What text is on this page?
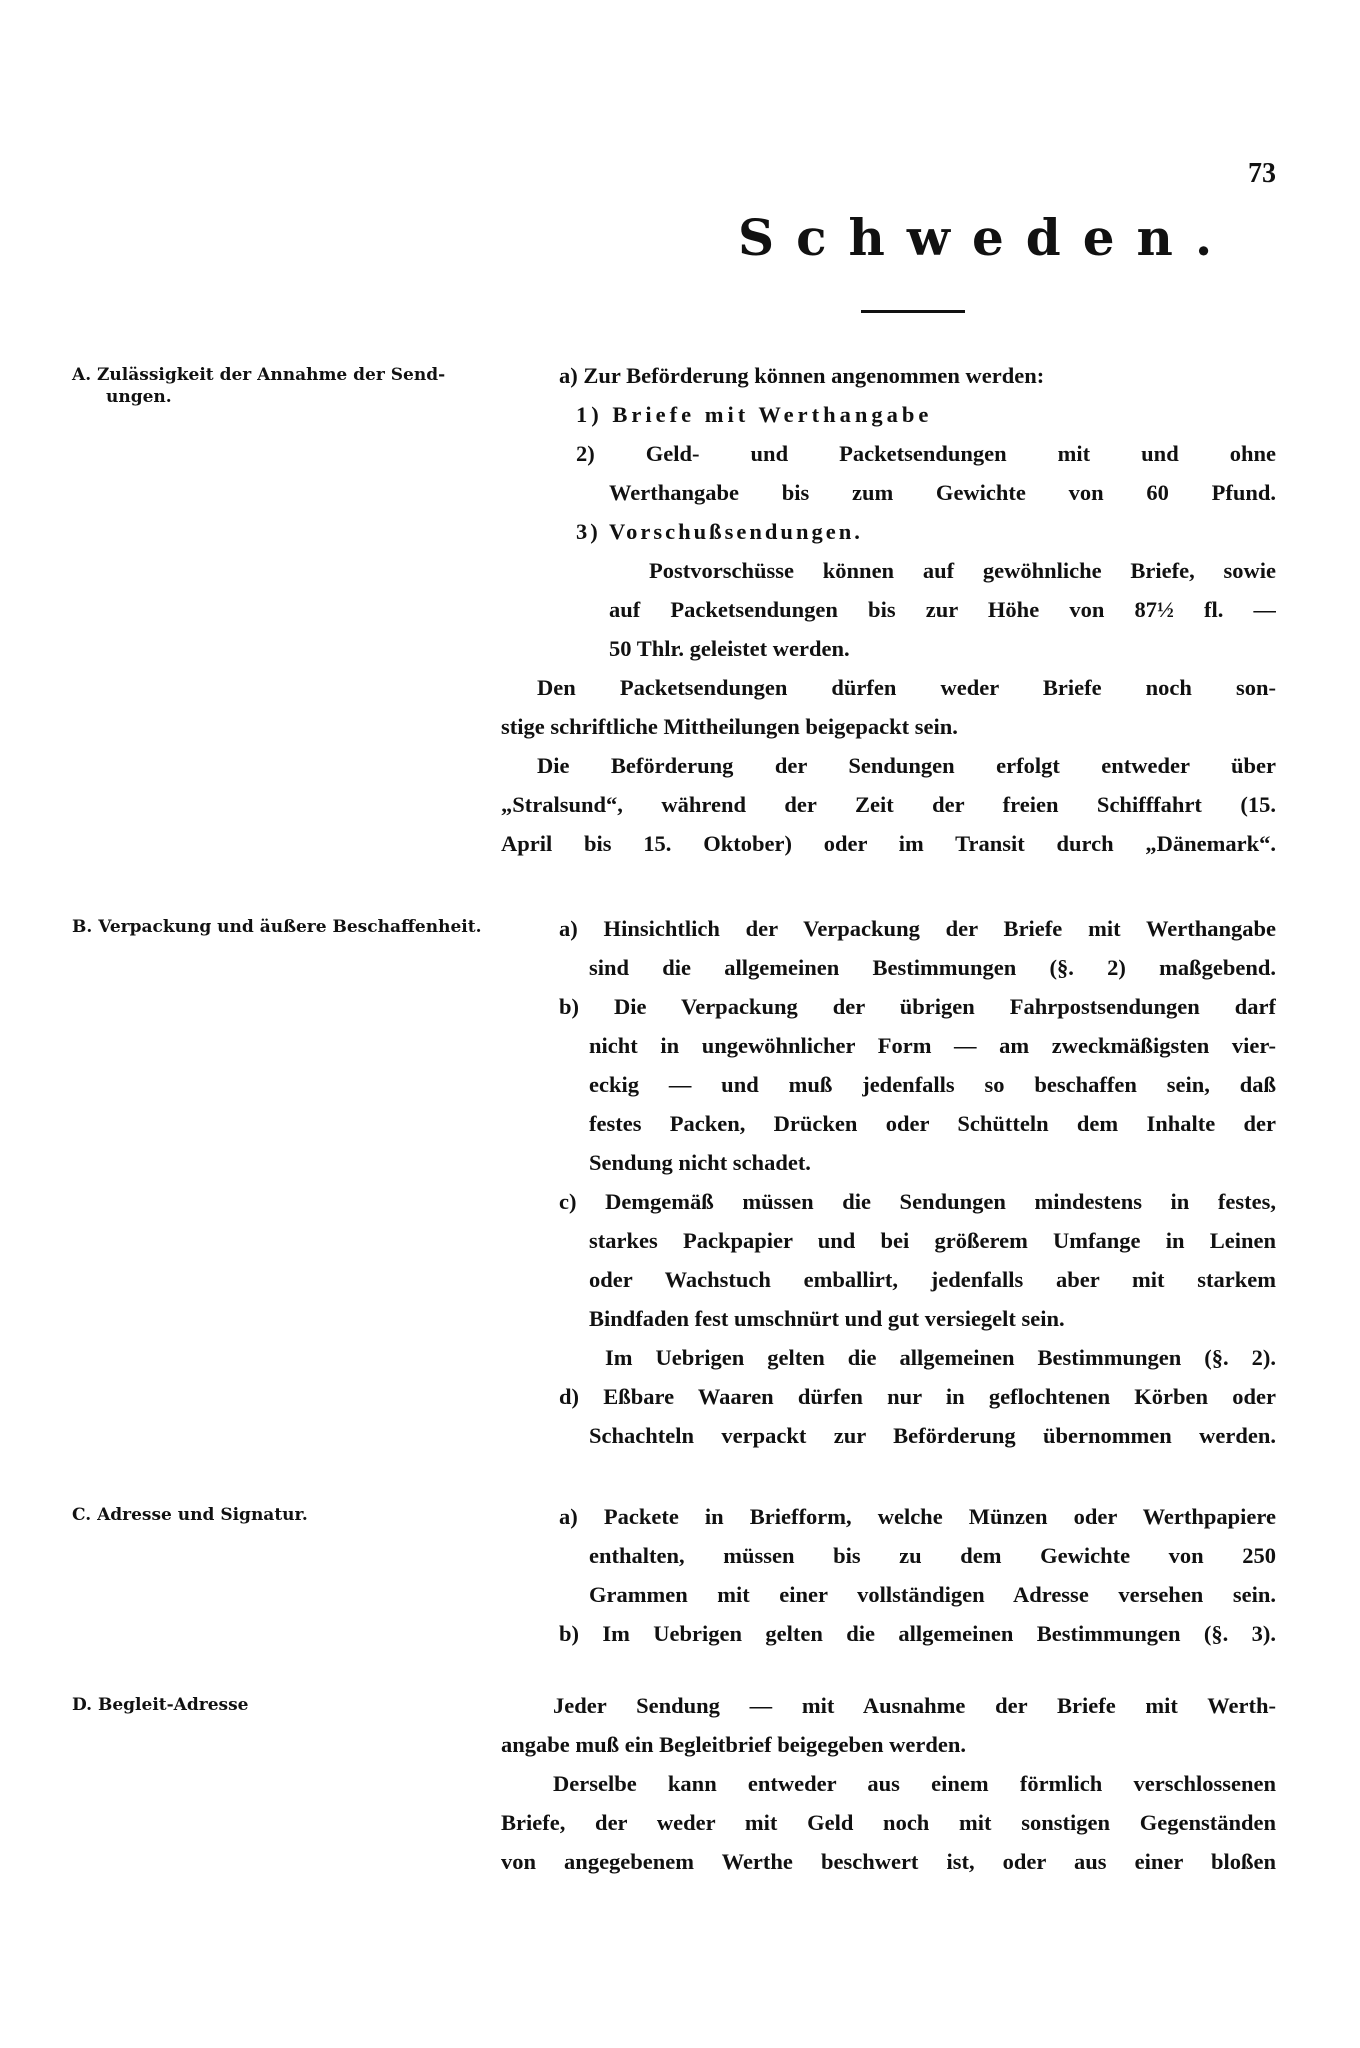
73
Schweden.
A. Zulässigkeit der Annahme der Send-
ungen.
a) Zur Beförderung können angenommen werden:
1) Briefe mit Werthangabe
2) Geld- und Packetsendungen mit und ohne
Werthangabe bis zum Gewichte von 60 Pfund.
3) Vorschußsendungen.
Postvorschüsse können auf gewöhnliche Briefe, sowie
auf Packetsendungen bis zur Höhe von 87½ fl. —
50 Thlr. geleistet werden.
Den Packetsendungen dürfen weder Briefe noch son-
stige schriftliche Mittheilungen beigepackt sein.
Die Beförderung der Sendungen erfolgt entweder über
„Stralsund“, während der Zeit der freien Schifffahrt (15.
April bis 15. Oktober) oder im Transit durch „Dänemark“.
B. Verpackung und äußere Beschaffenheit.	a) Hinsichtlich der Verpackung der Briefe mit Werthangabe
sind die allgemeinen Bestimmungen (§. 2) maßgebend.
b) Die Verpackung der übrigen Fahrpostsendungen darf
nicht in ungewöhnlicher Form — am zweckmäßigsten vier-
eckig — und muß jedenfalls so beschaffen sein, daß
festes Packen, Drücken oder Schütteln dem Inhalte der
Sendung nicht schadet.
c) Demgemäß müssen die Sendungen mindestens in festes,
starkes Packpapier und bei größerem Umfange in Leinen
oder Wachstuch emballirt, jedenfalls aber mit starkem
Bindfaden fest umschnürt und gut versiegelt sein.
Im Uebrigen gelten die allgemeinen Bestimmungen (§. 2).
d) Eßbare Waaren dürfen nur in geflochtenen Körben oder
Schachteln verpackt zur Beförderung übernommen werden.
C. Adresse und Signatur.	a) Packete in Briefform, welche Münzen oder Werthpapiere
enthalten, müssen bis zu dem Gewichte von 250
Grammen mit einer vollständigen Adresse versehen sein.
b) Im Uebrigen gelten die allgemeinen Bestimmungen (§. 3).
D. Begleit-Adresse	Jeder Sendung — mit Ausnahme der Briefe mit Werth-
angabe muß ein Begleitbrief beigegeben werden.
Derselbe kann entweder aus einem förmlich verschlossenen
Briefe, der weder mit Geld noch mit sonstigen Gegenständen
von angegebenem Werthe beschwert ist, oder aus einer bloßen
